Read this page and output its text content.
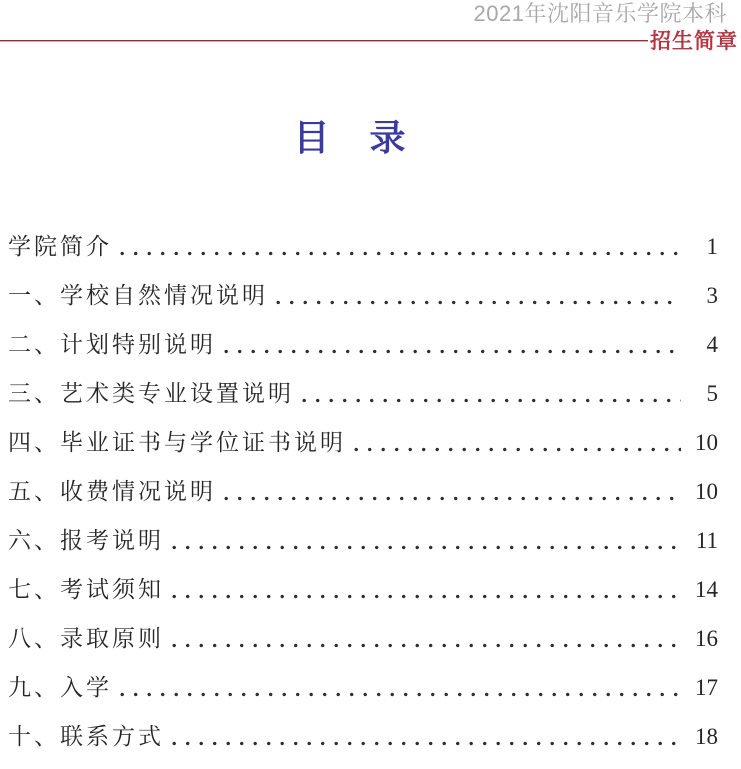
2021年沈阳音乐学院本科
招生简章
目　录
学院简介	1
一、学校自然情况说明	3
二、计划特别说明	4
三、艺术类专业设置说明	5
四、毕业证书与学位证书说明	10
五、收费情况说明	10
六、报考说明	11
七、考试须知	14
八、录取原则	16
九、入学	17
十、联系方式	18
